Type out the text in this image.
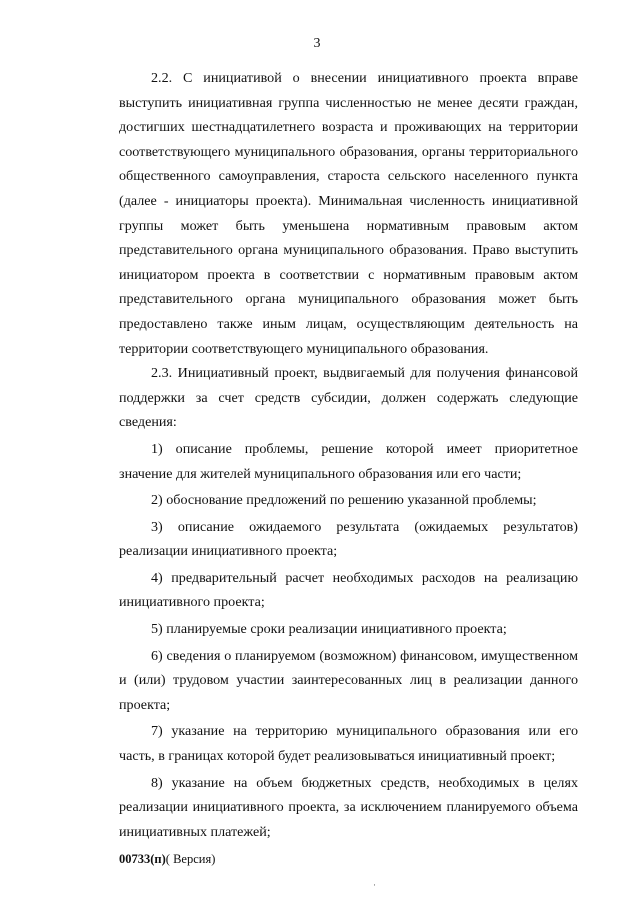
3

2.2. С инициативой о внесении инициативного проекта вправе выступить инициативная группа численностью не менее десяти граждан, достигших шестнадцатилетнего возраста и проживающих на территории соответствующего муниципального образования, органы территориального общественного самоуправления, староста сельского населенного пункта (далее - инициаторы проекта). Минимальная численность инициативной группы может быть уменьшена нормативным правовым актом представительного органа муниципального образования. Право выступить инициатором проекта в соответствии с нормативным правовым актом представительного органа муниципального образования может быть предоставлено также иным лицам, осуществляющим деятельность на территории соответствующего муниципального образования.

2.3. Инициативный проект, выдвигаемый для получения финансовой поддержки за счет средств субсидии, должен содержать следующие сведения:

1) описание проблемы, решение которой имеет приоритетное значение для жителей муниципального образования или его части;

2) обоснование предложений по решению указанной проблемы;

3) описание ожидаемого результата (ожидаемых результатов) реализации инициативного проекта;

4) предварительный расчет необходимых расходов на реализацию инициативного проекта;

5) планируемые сроки реализации инициативного проекта;

6) сведения о планируемом (возможном) финансовом, имущественном и (или) трудовом участии заинтересованных лиц в реализации данного проекта;

7) указание на территорию муниципального образования или его часть, в границах которой будет реализовываться инициативный проект;

8) указание на объем бюджетных средств, необходимых в целях реализации инициативного проекта, за исключением планируемого объема инициативных платежей;

00733(п)( Версия)
·
